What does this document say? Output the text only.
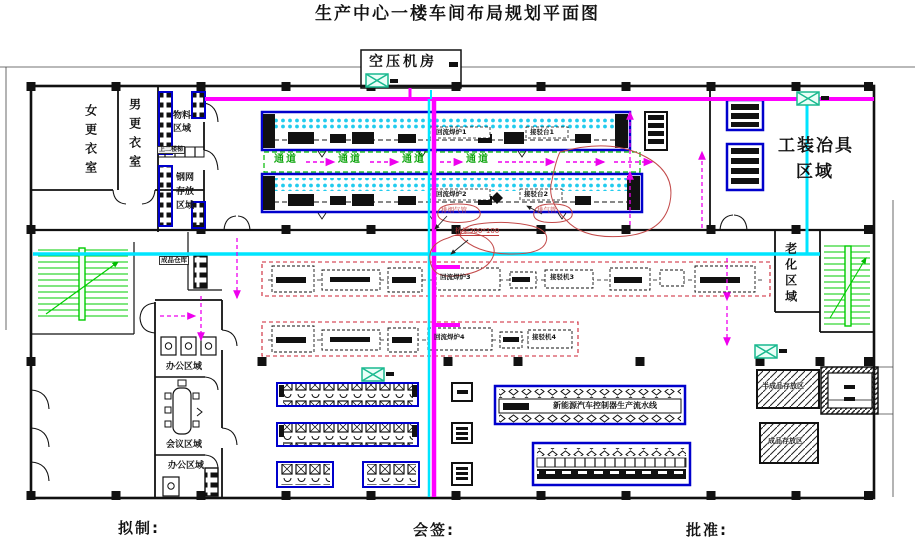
生产中心一楼车间布局规划平面图
空压机房
女更衣室	男更衣室	物料
区域
上二楼梯
钢网
存放
区域
工装冶具
区域
老化区域
成品仓库
办公区域
会议区域
办公区域
通道	通道	通道	通道
回流焊炉1	接驳台1
回流焊炉2	接驳台2
回流焊炉3	接驳机3
回流焊炉4	接驳机4
新能源汽车控制器生产流水线
半成品存放区
成品存放区
桥架300*100
排烟气管	排气管
拟制:	会签:	批准:
